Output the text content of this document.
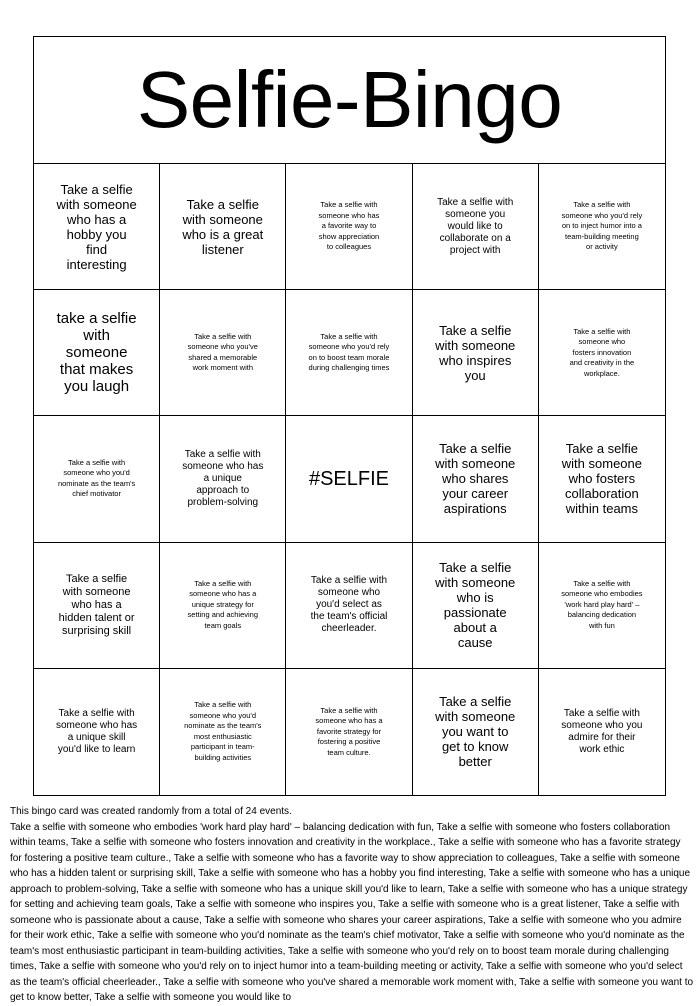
Selfie-Bingo
Take a selfie with someone who has a hobby you find interesting
Take a selfie with someone who is a great listener
Take a selfie with someone who has a favorite way to show appreciation to colleagues
Take a selfie with someone you would like to collaborate on a project with
Take a selfie with someone who you'd rely on to inject humor into a team-building meeting or activity
take a selfie with someone that makes you laugh
Take a selfie with someone who you've shared a memorable work moment with
Take a selfie with someone who you'd rely on to boost team morale during challenging times
Take a selfie with someone who inspires you
Take a selfie with someone who fosters innovation and creativity in the workplace.
Take a selfie with someone who you'd nominate as the team's chief motivator
Take a selfie with someone who has a unique approach to problem-solving
#SELFIE
Take a selfie with someone who shares your career aspirations
Take a selfie with someone who fosters collaboration within teams
Take a selfie with someone who has a hidden talent or surprising skill
Take a selfie with someone who has a unique strategy for setting and achieving team goals
Take a selfie with someone who you'd select as the team's official cheerleader.
Take a selfie with someone who is passionate about a cause
Take a selfie with someone who embodies 'work hard play hard' – balancing dedication with fun
Take a selfie with someone who has a unique skill you'd like to learn
Take a selfie with someone who you'd nominate as the team's most enthusiastic participant in team-building activities
Take a selfie with someone who has a favorite strategy for fostering a positive team culture.
Take a selfie with someone you want to get to know better
Take a selfie with someone who you admire for their work ethic

This bingo card was created randomly from a total of 24 events.

Take a selfie with someone who embodies 'work hard play hard' – balancing dedication with fun, Take a selfie with someone who fosters collaboration within teams, Take a selfie with someone who fosters innovation and creativity in the workplace., Take a selfie with someone who has a favorite strategy for fostering a positive team culture., Take a selfie with someone who has a favorite way to show appreciation to colleagues, Take a selfie with someone who has a hidden talent or surprising skill, Take a selfie with someone who has a hobby you find interesting, Take a selfie with someone who has a unique approach to problem-solving, Take a selfie with someone who has a unique skill you'd like to learn, Take a selfie with someone who has a unique strategy for setting and achieving team goals, Take a selfie with someone who inspires you, Take a selfie with someone who is a great listener, Take a selfie with someone who is passionate about a cause, Take a selfie with someone who shares your career aspirations, Take a selfie with someone who you admire for their work ethic, Take a selfie with someone who you'd nominate as the team's chief motivator, Take a selfie with someone who you'd nominate as the team's most enthusiastic participant in team-building activities, Take a selfie with someone who you'd rely on to boost team morale during challenging times, Take a selfie with someone who you'd rely on to inject humor into a team-building meeting or activity, Take a selfie with someone who you'd select as the team's official cheerleader., Take a selfie with someone who you've shared a memorable work moment with, Take a selfie with someone you want to get to know better, Take a selfie with someone you would like to
